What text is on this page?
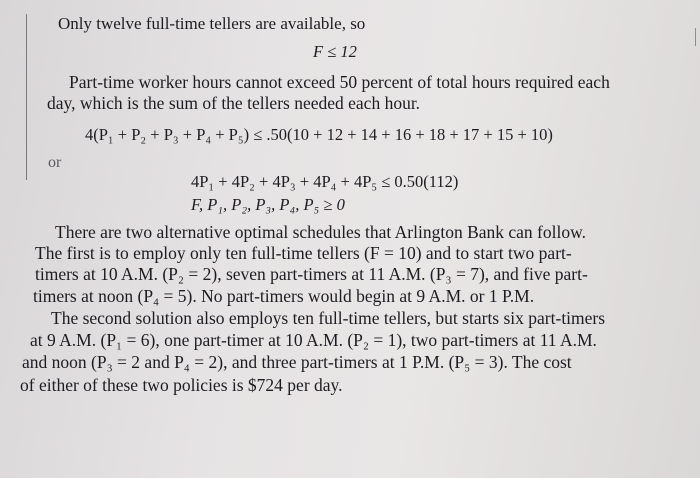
Only twelve full-time tellers are available, so
F ≤ 12
Part-time worker hours cannot exceed 50 percent of total hours required each
day, which is the sum of the tellers needed each hour.
4(P₁ + P₂ + P₃ + P₄ + P₅) ≤ .50(10 + 12 + 14 + 16 + 18 + 17 + 15 + 10)
or
4P₁ + 4P₂ + 4P₃ + 4P₄ + 4P₅ ≤ 0.50(112)
F, P₁, P₂, P₃, P₄, P₅ ≥ 0
There are two alternative optimal schedules that Arlington Bank can follow.
The first is to employ only ten full-time tellers (F = 10) and to start two part-
timers at 10 A.M. (P₂ = 2), seven part-timers at 11 A.M. (P₃ = 7), and five part-
timers at noon (P₄ = 5). No part-timers would begin at 9 A.M. or 1 P.M.
The second solution also employs ten full-time tellers, but starts six part-timers
at 9 A.M. (P₁ = 6), one part-timer at 10 A.M. (P₂ = 1), two part-timers at 11 A.M.
and noon (P₃ = 2 and P₄ = 2), and three part-timers at 1 P.M. (P₅ = 3). The cost
of either of these two policies is $724 per day.
